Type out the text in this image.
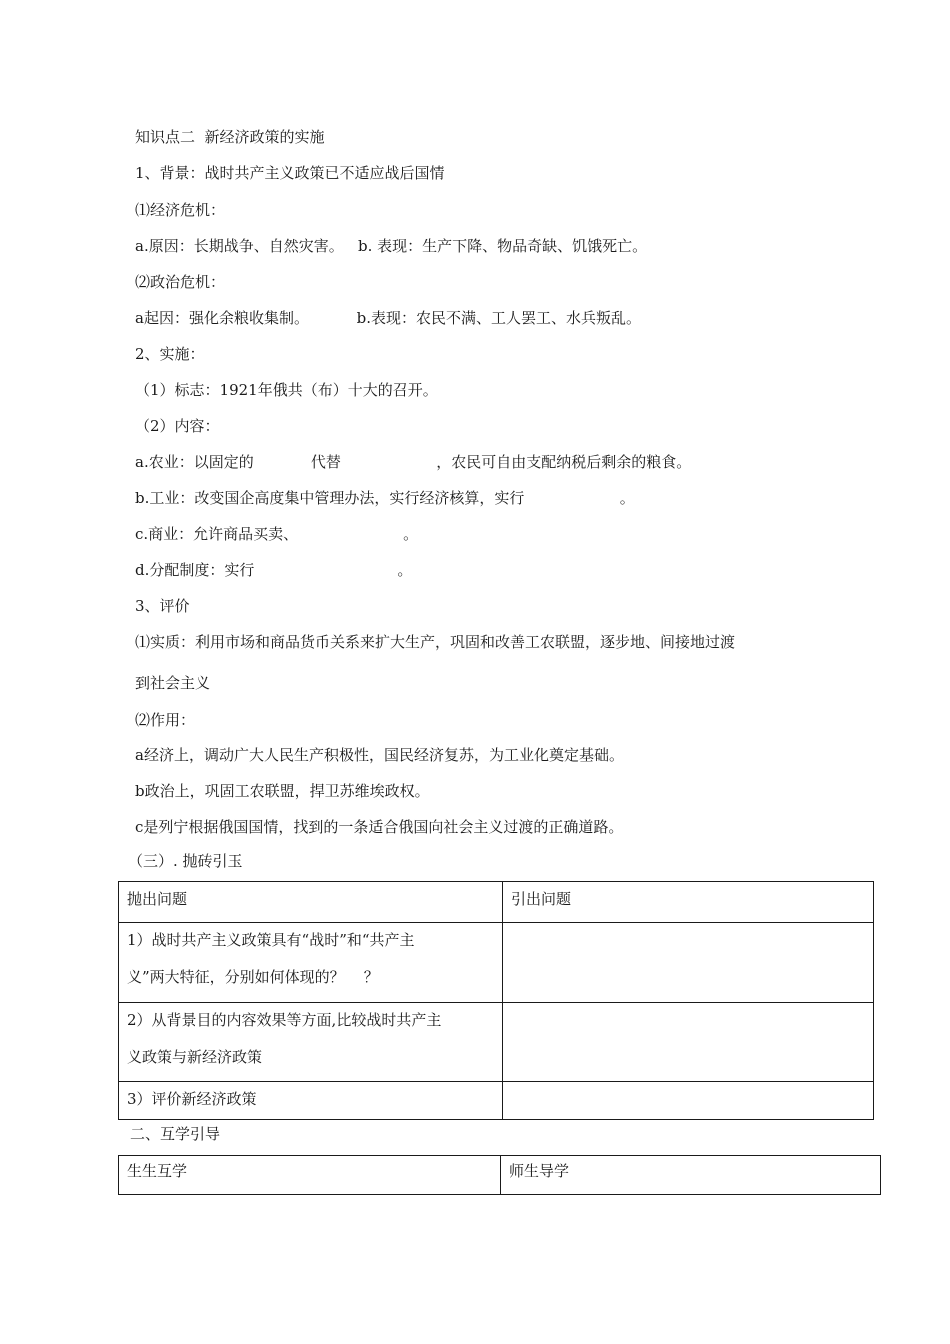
知识点二  新经济政策的实施
1、背景：战时共产主义政策已不适应战后国情
⑴经济危机：
a.原因：长期战争、自然灾害。   b. 表现：生产下降、物品奇缺、饥饿死亡。
⑵政治危机：
a起因：强化余粮收集制。          b.表现：农民不满、工人罢工、水兵叛乱。
2、实施：
（1）标志：1921年俄共（布）十大的召开。
（2）内容：
a.农业：以固定的            代替                    ，农民可自由支配纳税后剩余的粮食。
b.工业：改变国企高度集中管理办法，实行经济核算，实行                    。
c.商业：允许商品买卖、                      。
d.分配制度：实行                              。
3、评价
⑴实质：利用市场和商品货币关系来扩大生产，巩固和改善工农联盟，逐步地、间接地过渡
到社会主义
⑵作用：
a经济上，调动广大人民生产积极性，国民经济复苏，为工业化奠定基础。
b政治上，巩固工农联盟，捍卫苏维埃政权。
c是列宁根据俄国国情，找到的一条适合俄国向社会主义过渡的正确道路。
（三）. 抛砖引玉
抛出问题	引出问题

1）战时共产主义政策具有“战时”和“共产主
义”两大特征，分别如何体现的？    ？	

2）从背景目的内容效果等方面,比较战时共产主
义政策与新经济政策	

3）评价新经济政策	

二、互学引导
生生互学	师生导学
